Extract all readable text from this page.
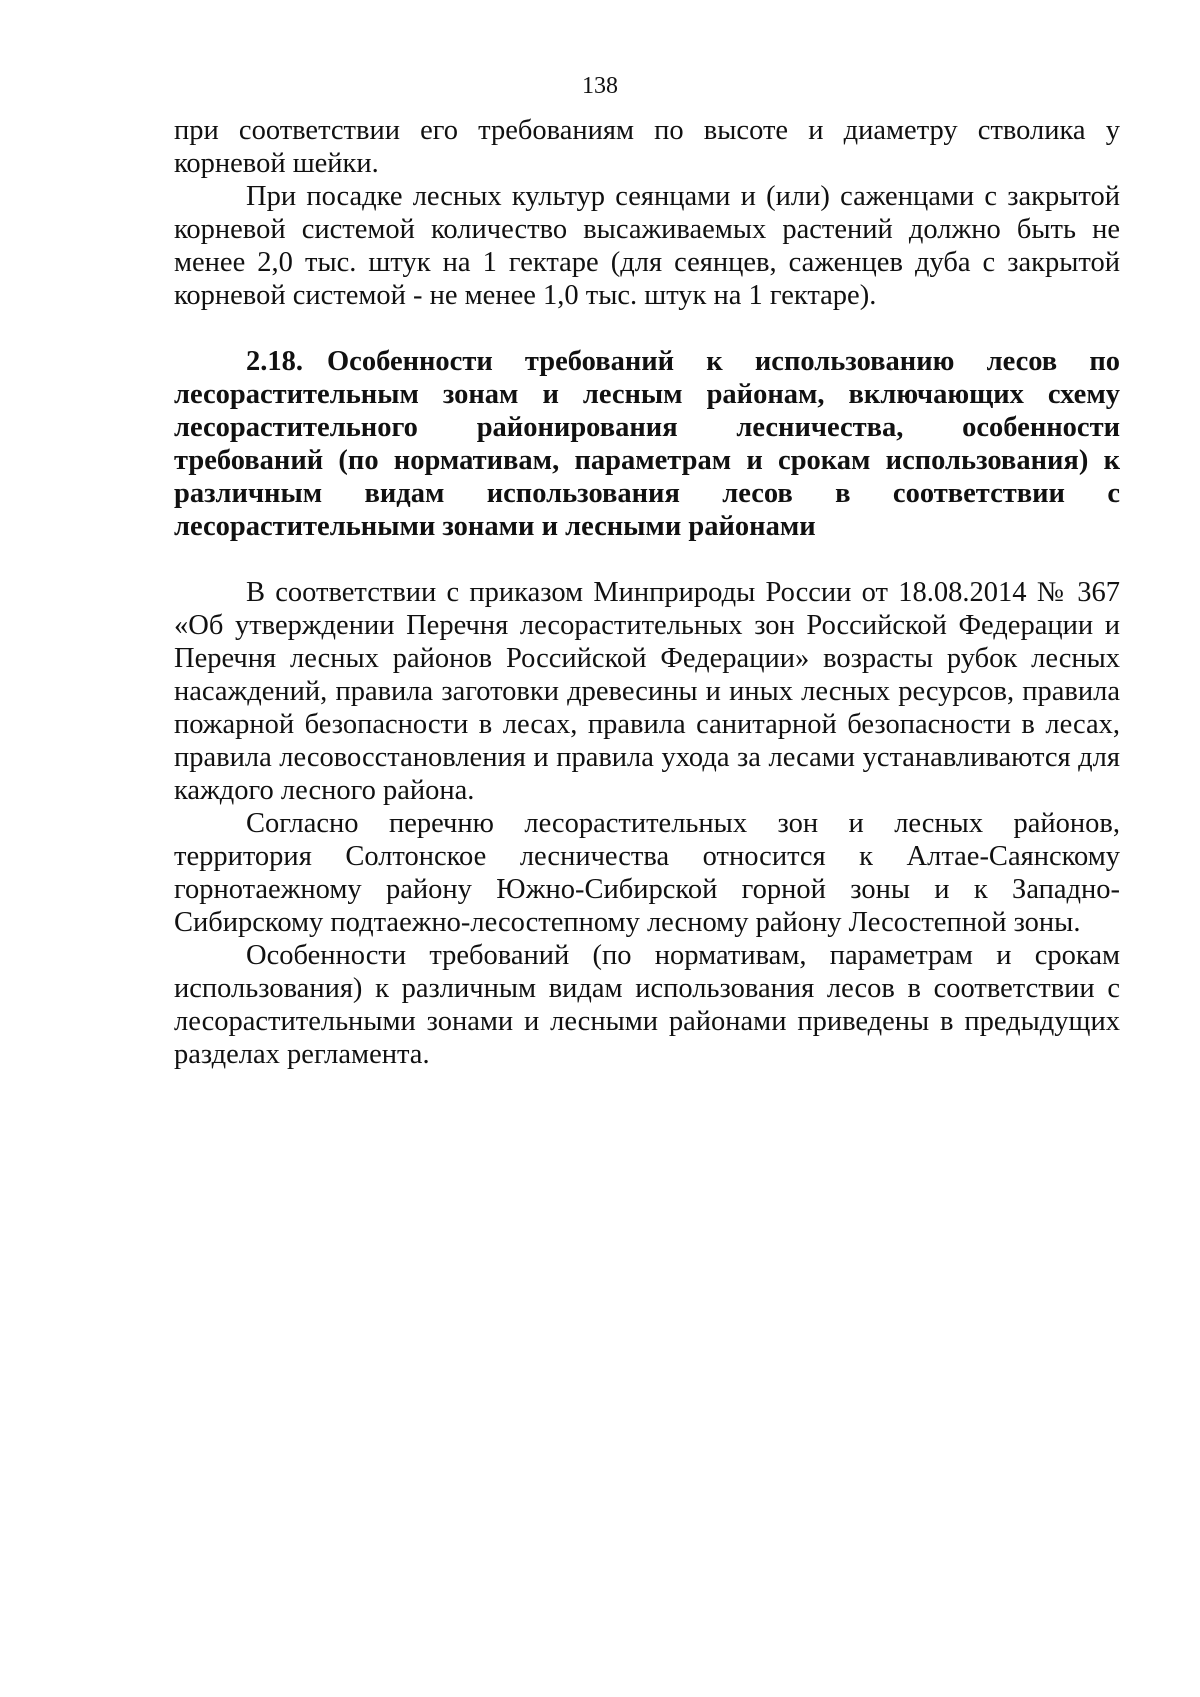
138

при соответствии его требованиям по высоте и диаметру стволика у корневой шейки.

При посадке лесных культур сеянцами и (или) саженцами с закрытой корневой системой количество высаживаемых растений должно быть не менее 2,0 тыс. штук на 1 гектаре (для сеянцев, саженцев дуба с закрытой корневой системой - не менее 1,0 тыс. штук на 1 гектаре).

2.18. Особенности требований к использованию лесов по лесорастительным зонам и лесным районам, включающих схему лесорастительного районирования лесничества, особенности требований (по нормативам, параметрам и срокам использования) к различным видам использования лесов в соответствии с лесорастительными зонами и лесными районами

В соответствии с приказом Минприроды России от 18.08.2014 № 367 «Об утверждении Перечня лесорастительных зон Российской Федерации и Перечня лесных районов Российской Федерации» возрасты рубок лесных насаждений, правила заготовки древесины и иных лесных ресурсов, правила пожарной безопасности в лесах, правила санитарной безопасности в лесах, правила лесовосстановления и правила ухода за лесами устанавливаются для каждого лесного района.

Согласно перечню лесорастительных зон и лесных районов, территория Солтонское лесничества относится к Алтае-Саянскому горнотаежному району Южно-Сибирской горной зоны и к Западно-Сибирскому подтаежно-лесостепному лесному району Лесостепной зоны.

Особенности требований (по нормативам, параметрам и срокам использования) к различным видам использования лесов в соответствии с лесорастительными зонами и лесными районами приведены в предыдущих разделах регламента.
